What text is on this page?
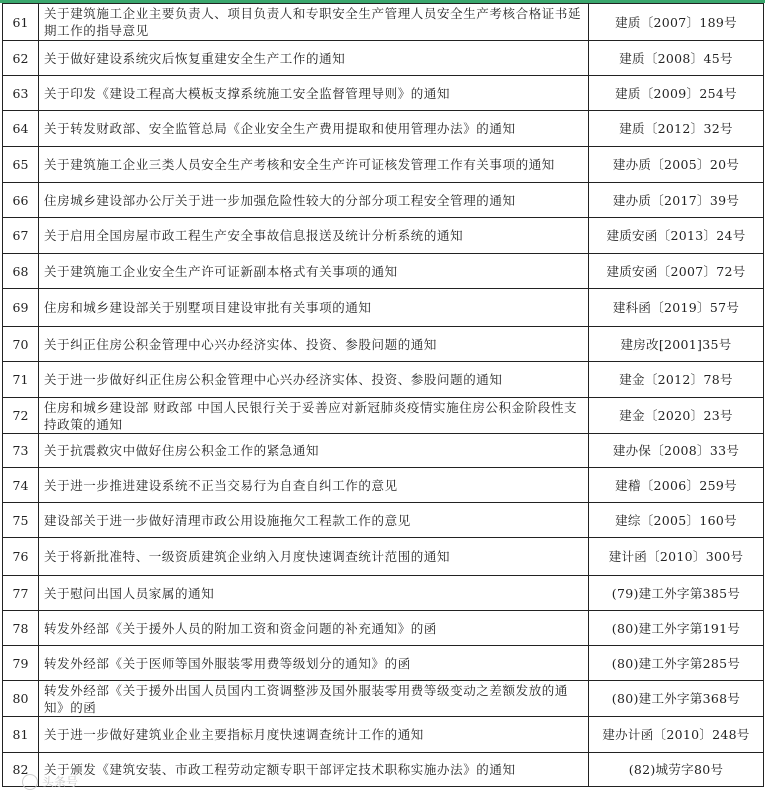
61	关于建筑施工企业主要负责人、项目负责人和专职安全生产管理人员安全生产考核合格证书延期工作的指导意见	建质〔2007〕189号
62	关于做好建设系统灾后恢复重建安全生产工作的通知	建质〔2008〕45号
63	关于印发《建设工程高大模板支撑系统施工安全监督管理导则》的通知	建质〔2009〕254号
64	关于转发财政部、安全监管总局《企业安全生产费用提取和使用管理办法》的通知	建质〔2012〕32号
65	关于建筑施工企业三类人员安全生产考核和安全生产许可证核发管理工作有关事项的通知	建办质〔2005〕20号
66	住房城乡建设部办公厅关于进一步加强危险性较大的分部分项工程安全管理的通知	建办质〔2017〕39号
67	关于启用全国房屋市政工程生产安全事故信息报送及统计分析系统的通知	建质安函〔2013〕24号
68	关于建筑施工企业安全生产许可证新副本格式有关事项的通知	建质安函〔2007〕72号
69	住房和城乡建设部关于别墅项目建设审批有关事项的通知	建科函〔2019〕57号
70	关于纠正住房公积金管理中心兴办经济实体、投资、参股问题的通知	建房改[2001]35号
71	关于进一步做好纠正住房公积金管理中心兴办经济实体、投资、参股问题的通知	建金〔2012〕78号
72	住房和城乡建设部 财政部 中国人民银行关于妥善应对新冠肺炎疫情实施住房公积金阶段性支持政策的通知	建金〔2020〕23号
73	关于抗震救灾中做好住房公积金工作的紧急通知	建办保〔2008〕33号
74	关于进一步推进建设系统不正当交易行为自查自纠工作的意见	建稽〔2006〕259号
75	建设部关于进一步做好清理市政公用设施拖欠工程款工作的意见	建综〔2005〕160号
76	关于将新批准特、一级资质建筑企业纳入月度快速调查统计范围的通知	建计函〔2010〕300号
77	关于慰问出国人员家属的通知	(79)建工外字第385号
78	转发外经部《关于援外人员的附加工资和资金问题的补充通知》的函	(80)建工外字第191号
79	转发外经部《关于医师等国外服装零用费等级划分的通知》的函	(80)建工外字第285号
80	转发外经部《关于援外出国人员国内工资调整涉及国外服装零用费等级变动之差额发放的通知》的函	(80)建工外字第368号
81	关于进一步做好建筑业企业主要指标月度快速调查统计工作的通知	建办计函〔2010〕248号
82	关于颁发《建筑安装、市政工程劳动定额专职干部评定技术职称实施办法》的通知	(82)城劳字80号
头条号
